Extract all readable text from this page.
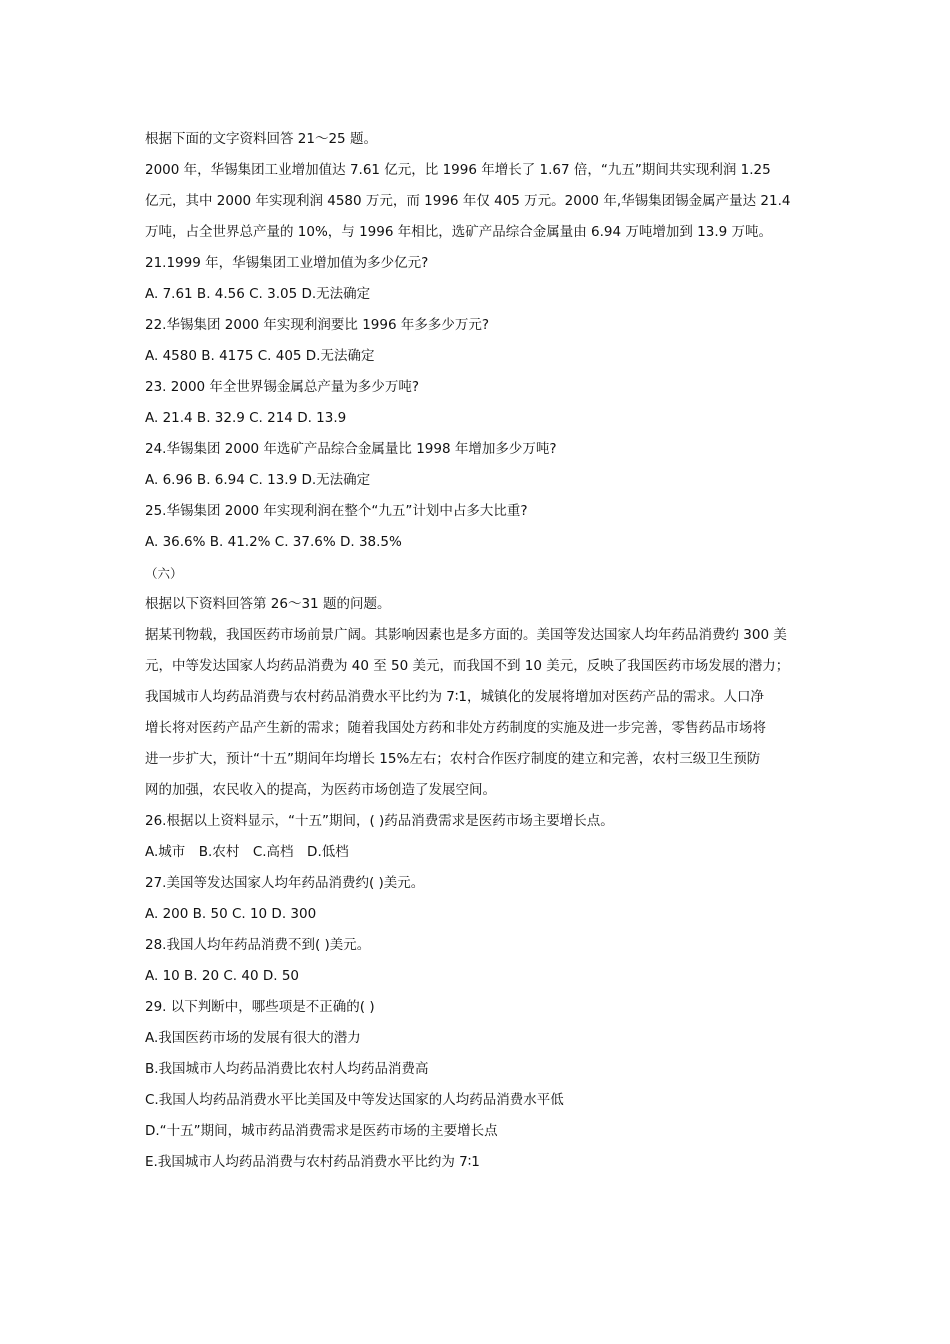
根据下面的文字资料回答 21～25 题。
2000 年，华锡集团工业增加值达 7.61 亿元，比 1996 年增长了 1.67 倍，“九五”期间共实现利润 1.25
亿元，其中 2000 年实现利润 4580 万元，而 1996 年仅 405 万元。2000 年,华锡集团锡金属产量达 21.4
万吨，占全世界总产量的 10%，与 1996 年相比，选矿产品综合金属量由 6.94 万吨增加到 13.9 万吨。
21.1999 年，华锡集团工业增加值为多少亿元?
A. 7.61 B. 4.56 C. 3.05 D.无法确定
22.华锡集团 2000 年实现利润要比 1996 年多多少万元?
A. 4580 B. 4175 C. 405 D.无法确定
23. 2000 年全世界锡金属总产量为多少万吨?
A. 21.4 B. 32.9 C. 214 D. 13.9
24.华锡集团 2000 年选矿产品综合金属量比 1998 年增加多少万吨?
A. 6.96 B. 6.94 C. 13.9 D.无法确定
25.华锡集团 2000 年实现利润在整个“九五”计划中占多大比重?
A. 36.6% B. 41.2% C. 37.6% D. 38.5%
（六）
根据以下资料回答第 26～31 题的问题。
据某刊物载，我国医药市场前景广阔。其影响因素也是多方面的。美国等发达国家人均年药品消费约 300 美
元，中等发达国家人均药品消费为 40 至 50 美元，而我国不到 10 美元，反映了我国医药市场发展的潜力；
我国城市人均药品消费与农村药品消费水平比约为 7∶1，城镇化的发展将增加对医药产品的需求。人口净
增长将对医药产品产生新的需求；随着我国处方药和非处方药制度的实施及进一步完善，零售药品市场将
进一步扩大，预计“十五”期间年均增长 15%左右；农村合作医疗制度的建立和完善，农村三级卫生预防
网的加强，农民收入的提高，为医药市场创造了发展空间。
26.根据以上资料显示，“十五”期间，( )药品消费需求是医药市场主要增长点。
A.城市　B.农村　C.高档　D.低档
27.美国等发达国家人均年药品消费约( )美元。
A. 200 B. 50 C. 10 D. 300
28.我国人均年药品消费不到( )美元。
A. 10 B. 20 C. 40 D. 50
29. 以下判断中，哪些项是不正确的( )
A.我国医药市场的发展有很大的潜力
B.我国城市人均药品消费比农村人均药品消费高
C.我国人均药品消费水平比美国及中等发达国家的人均药品消费水平低
D.“十五”期间，城市药品消费需求是医药市场的主要增长点
E.我国城市人均药品消费与农村药品消费水平比约为 7∶1
